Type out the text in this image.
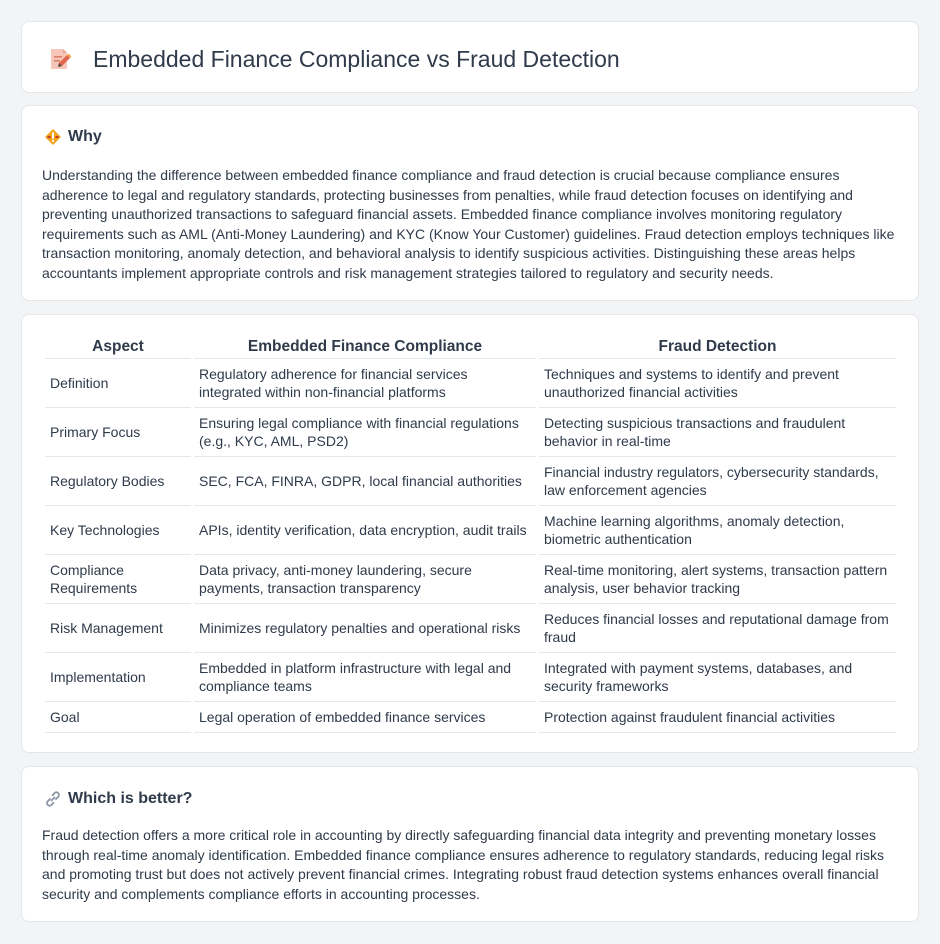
Embedded Finance Compliance vs Fraud Detection
Why

Understanding the difference between embedded finance compliance and fraud detection is crucial because compliance ensures adherence to legal and regulatory standards, protecting businesses from penalties, while fraud detection focuses on identifying and preventing unauthorized transactions to safeguard financial assets. Embedded finance compliance involves monitoring regulatory requirements such as AML (Anti-Money Laundering) and KYC (Know Your Customer) guidelines. Fraud detection employs techniques like transaction monitoring, anomaly detection, and behavioral analysis to identify suspicious activities. Distinguishing these areas helps accountants implement appropriate controls and risk management strategies tailored to regulatory and security needs.

Aspect	Embedded Finance Compliance	Fraud Detection
Definition	Regulatory adherence for financial services integrated within non-financial platforms	Techniques and systems to identify and prevent unauthorized financial activities
Primary Focus	Ensuring legal compliance with financial regulations (e.g., KYC, AML, PSD2)	Detecting suspicious transactions and fraudulent behavior in real-time
Regulatory Bodies	SEC, FCA, FINRA, GDPR, local financial authorities	Financial industry regulators, cybersecurity standards, law enforcement agencies
Key Technologies	APIs, identity verification, data encryption, audit trails	Machine learning algorithms, anomaly detection, biometric authentication
Compliance Requirements	Data privacy, anti-money laundering, secure payments, transaction transparency	Real-time monitoring, alert systems, transaction pattern analysis, user behavior tracking
Risk Management	Minimizes regulatory penalties and operational risks	Reduces financial losses and reputational damage from fraud
Implementation	Embedded in platform infrastructure with legal and compliance teams	Integrated with payment systems, databases, and security frameworks
Goal	Legal operation of embedded finance services	Protection against fraudulent financial activities
Which is better?

Fraud detection offers a more critical role in accounting by directly safeguarding financial data integrity and preventing monetary losses through real-time anomaly identification. Embedded finance compliance ensures adherence to regulatory standards, reducing legal risks and promoting trust but does not actively prevent financial crimes. Integrating robust fraud detection systems enhances overall financial security and complements compliance efforts in accounting processes.
